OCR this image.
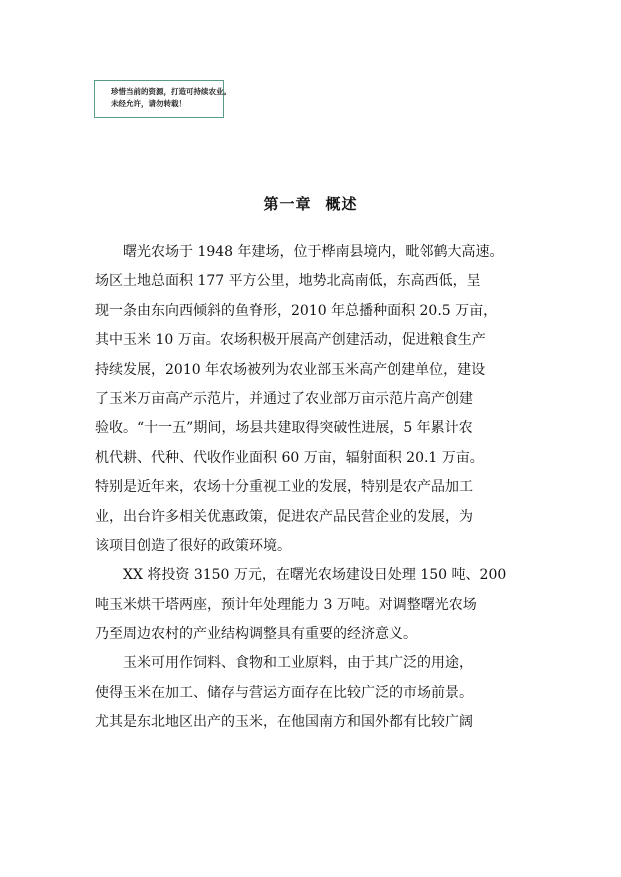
珍惜当前的资源，打造可持续农业。
未经允许，请勿转载！
第一章 概述
曙光农场于 1948 年建场，位于桦南县境内，毗邻鹤大高速。
场区土地总面积 177 平方公里，地势北高南低，东高西低，呈
现一条由东向西倾斜的鱼脊形，2010 年总播种面积 20.5 万亩，
其中玉米 10 万亩。农场积极开展高产创建活动，促进粮食生产
持续发展，2010 年农场被列为农业部玉米高产创建单位，建设
了玉米万亩高产示范片，并通过了农业部万亩示范片高产创建
验收。“十一五”期间，场县共建取得突破性进展，5 年累计农
机代耕、代种、代收作业面积 60 万亩，辐射面积 20.1 万亩。
特别是近年来，农场十分重视工业的发展，特别是农产品加工
业，出台许多相关优惠政策，促进农产品民营企业的发展，为
该项目创造了很好的政策环境。
XX 将投资 3150 万元，在曙光农场建设日处理 150 吨、200
吨玉米烘干塔两座，预计年处理能力 3 万吨。对调整曙光农场
乃至周边农村的产业结构调整具有重要的经济意义。
玉米可用作饲料、食物和工业原料，由于其广泛的用途，
使得玉米在加工、储存与营运方面存在比较广泛的市场前景。
尤其是东北地区出产的玉米，在他国南方和国外都有比较广阔
